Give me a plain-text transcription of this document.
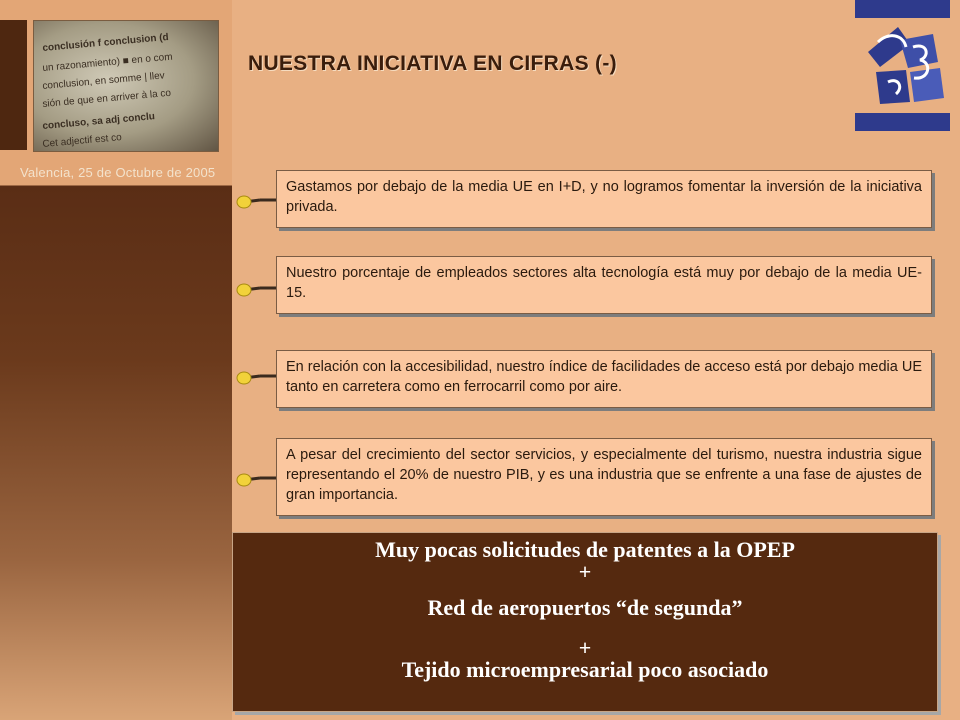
conclusión f conclusion (d
un razonamiento) ■ en o com
conclusion, en somme | llev
sión de que en arriver à la co
concluso, sa adj conclu
Cet adjectif est co
Valencia, 25 de Octubre de 2005
NUESTRA INICIATIVA EN CIFRAS (-)
Gastamos por debajo de la media UE en I+D, y no logramos fomentar la inversión de la iniciativa privada.
Nuestro porcentaje de empleados sectores alta tecnología está muy por debajo de la media UE-15.
En relación con la accesibilidad, nuestro índice de facilidades de acceso está por debajo media UE tanto en carretera como en ferrocarril como por aire.
A pesar del crecimiento del sector servicios, y especialmente del turismo, nuestra industria sigue representando el 20% de nuestro PIB, y es una industria que se enfrente a una fase de ajustes de gran importancia.
Muy pocas solicitudes de patentes a la OPEP
+
Red de aeropuertos “de segunda”
+
Tejido microempresarial poco asociado
